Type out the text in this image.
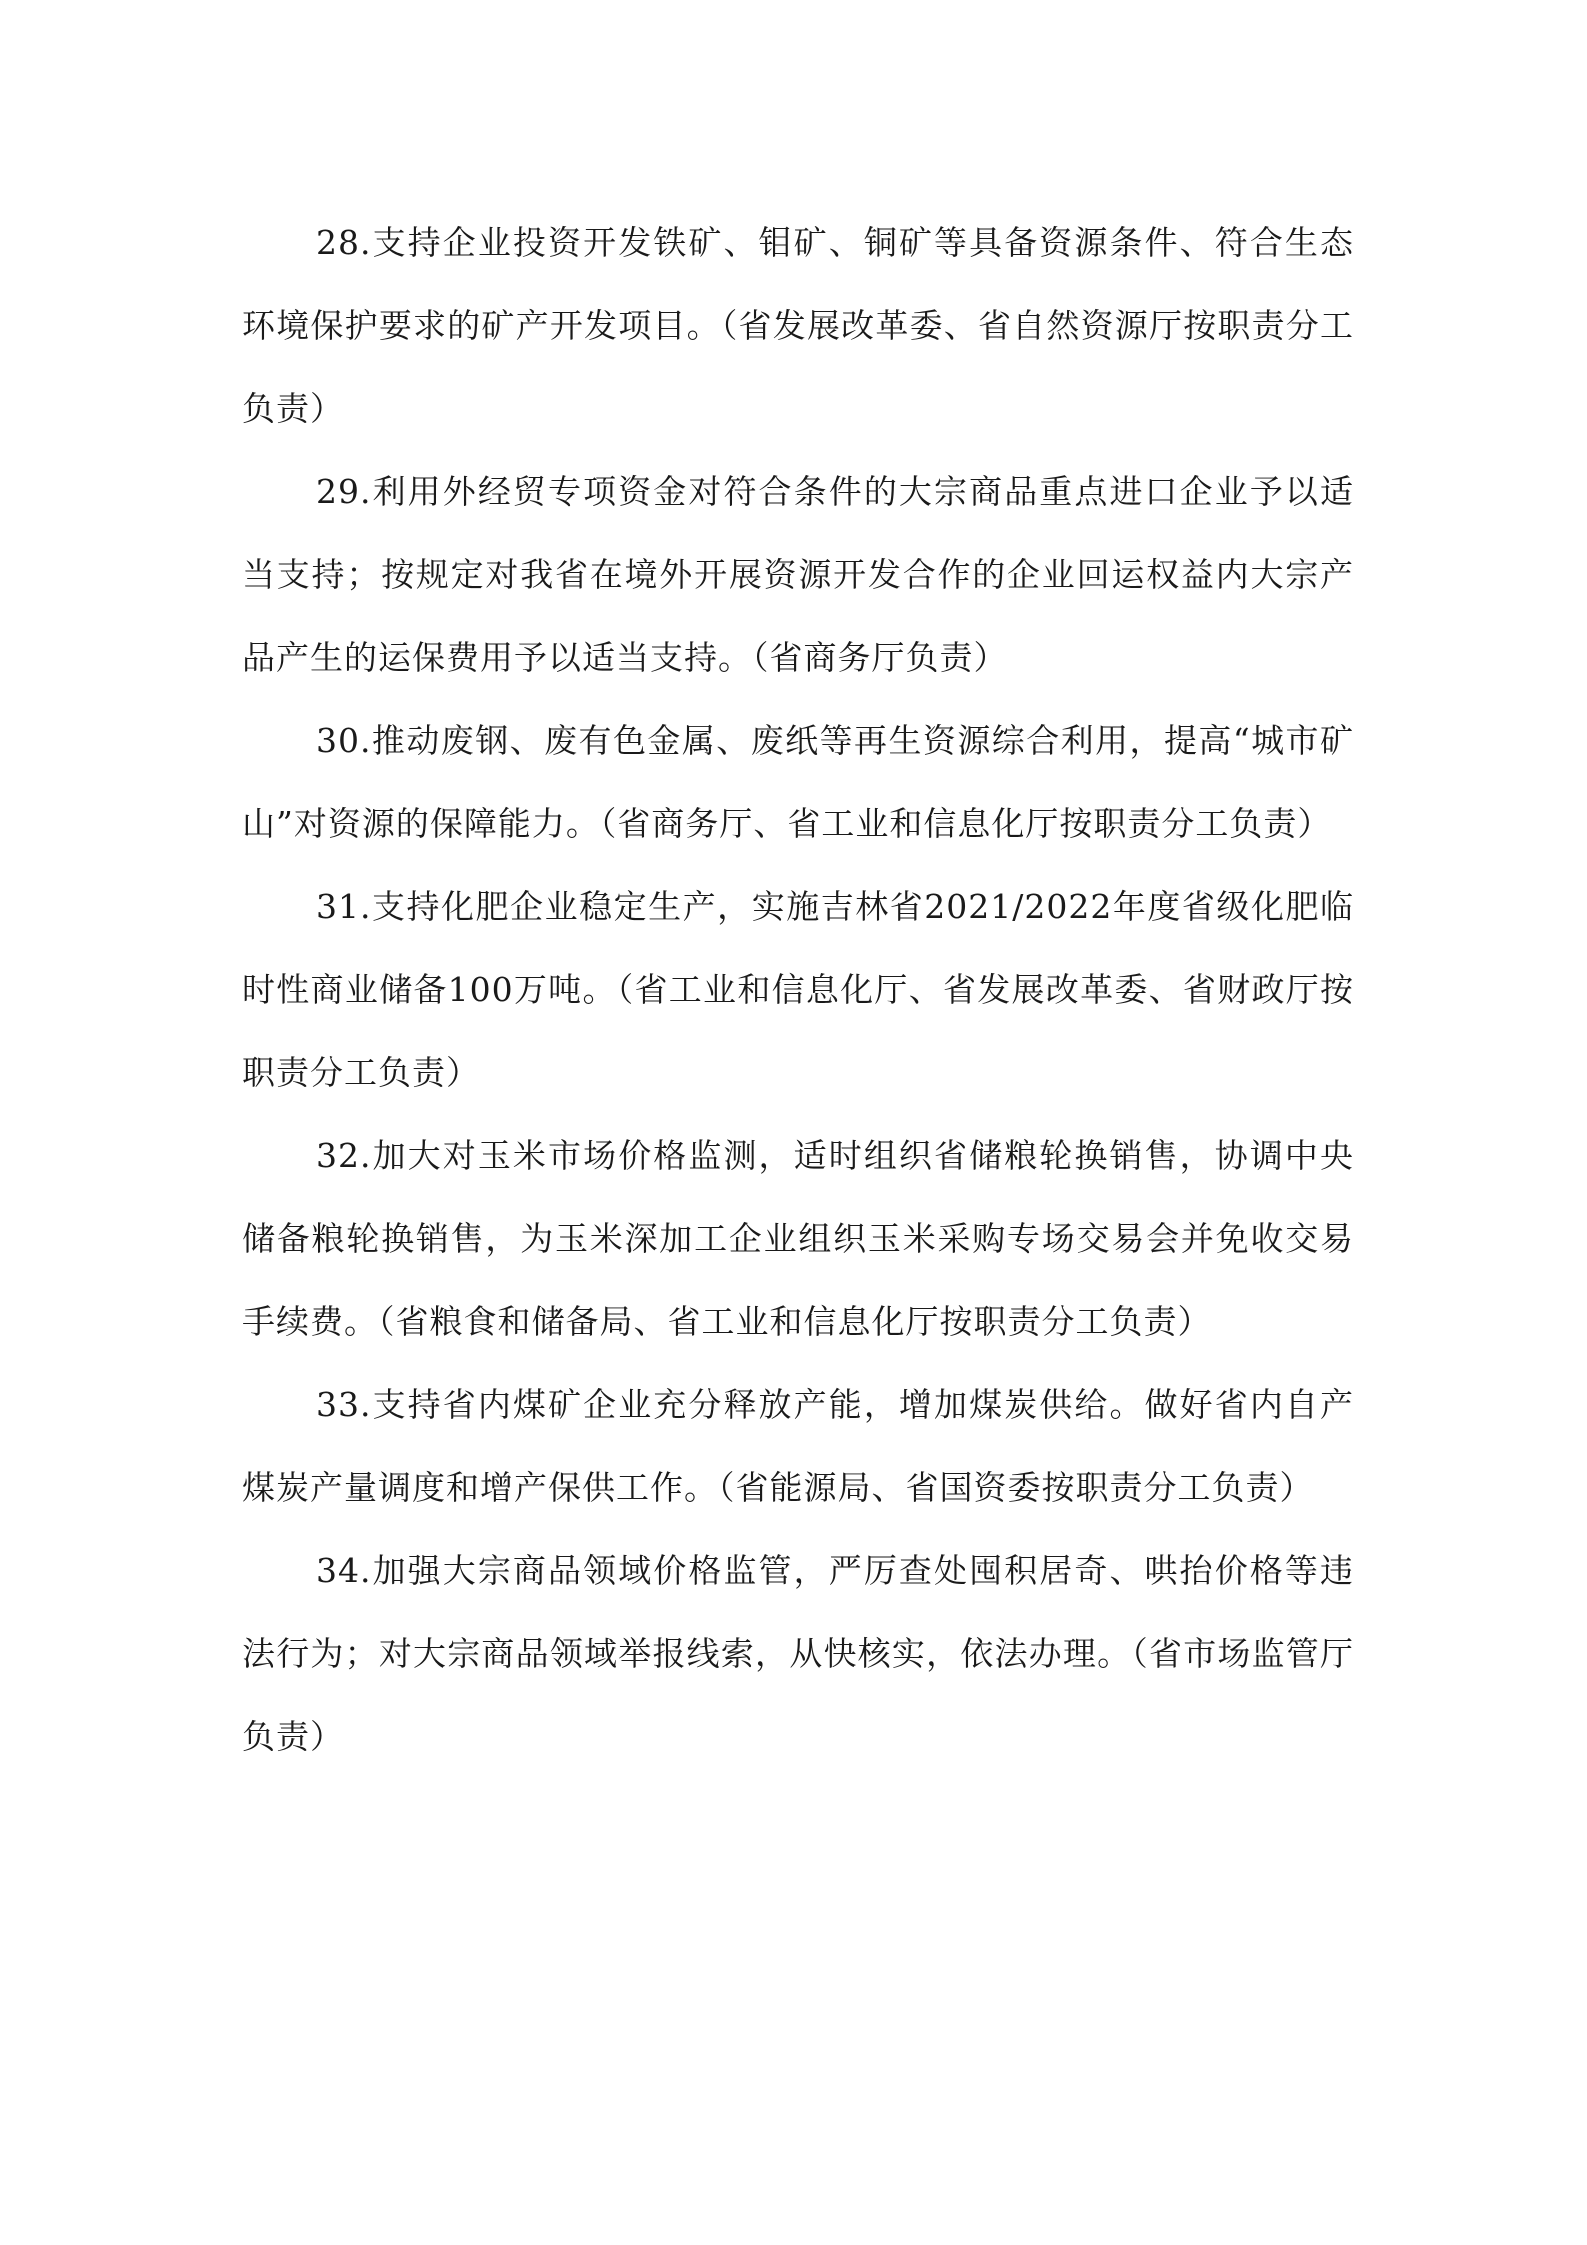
28.支持企业投资开发铁矿、钼矿、铜矿等具备资源条件、符合生态环境保护要求的矿产开发项目。（省发展改革委、省自然资源厅按职责分工负责）

29.利用外经贸专项资金对符合条件的大宗商品重点进口企业予以适当支持；按规定对我省在境外开展资源开发合作的企业回运权益内大宗产品产生的运保费用予以适当支持。（省商务厅负责）

30.推动废钢、废有色金属、废纸等再生资源综合利用，提高“城市矿山”对资源的保障能力。（省商务厅、省工业和信息化厅按职责分工负责）

31.支持化肥企业稳定生产，实施吉林省2021/2022年度省级化肥临时性商业储备100万吨。（省工业和信息化厅、省发展改革委、省财政厅按职责分工负责）

32.加大对玉米市场价格监测，适时组织省储粮轮换销售，协调中央储备粮轮换销售，为玉米深加工企业组织玉米采购专场交易会并免收交易手续费。（省粮食和储备局、省工业和信息化厅按职责分工负责）

33.支持省内煤矿企业充分释放产能，增加煤炭供给。做好省内自产煤炭产量调度和增产保供工作。（省能源局、省国资委按职责分工负责）

34.加强大宗商品领域价格监管，严厉查处囤积居奇、哄抬价格等违法行为；对大宗商品领域举报线索，从快核实，依法办理。（省市场监管厅负责）
